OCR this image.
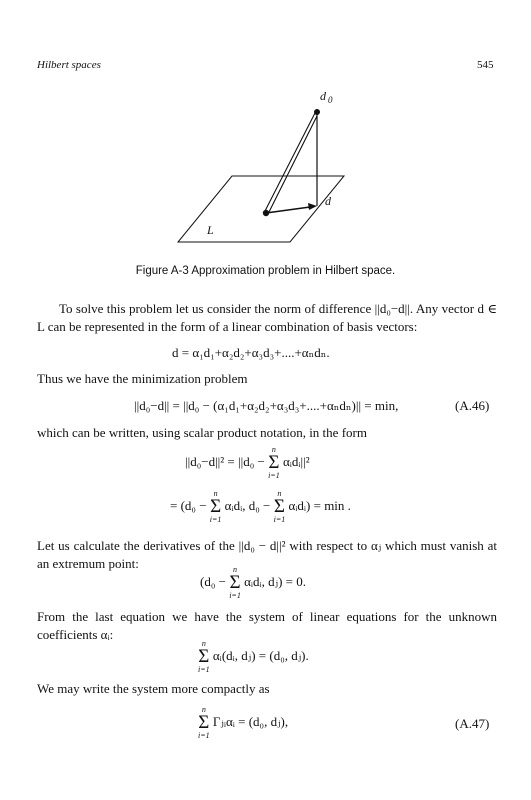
Hilbert spaces	545
d 0
d
L
Figure A-3 Approximation problem in Hilbert space.
To solve this problem let us consider the norm of difference ||d₀−d||. Any vector d ∈ L can be represented in the form of a linear combination of basis vectors:
d = α₁d₁+α₂d₂+α₃d₃+....+αₙdₙ.
Thus we have the minimization problem
||d₀−d|| = ||d₀ − (α₁d₁+α₂d₂+α₃d₃+....+αₙdₙ)|| = min,	(A.46)
which can be written, using scalar product notation, in the form
||d₀−d||² = ||d₀ −
n
Σ
i=1
αᵢdᵢ||²
= (d₀ −
n
Σ
i=1
αᵢdᵢ, d₀ −
n
Σ
i=1
αᵢdᵢ) = min .
Let us calculate the derivatives of the ||d₀ − d||² with respect to αⱼ which must vanish at an extremum point:
(d₀ −
n
Σ
i=1
αᵢdᵢ, dⱼ) = 0.
From the last equation we have the system of linear equations for the unknown coefficients αᵢ:
n
Σ
i=1
αᵢ(dᵢ, dⱼ) = (d₀, dⱼ).
We may write the system more compactly as
n
Σ
i=1
Γⱼᵢαᵢ = (d₀, dⱼ),	(A.47)
